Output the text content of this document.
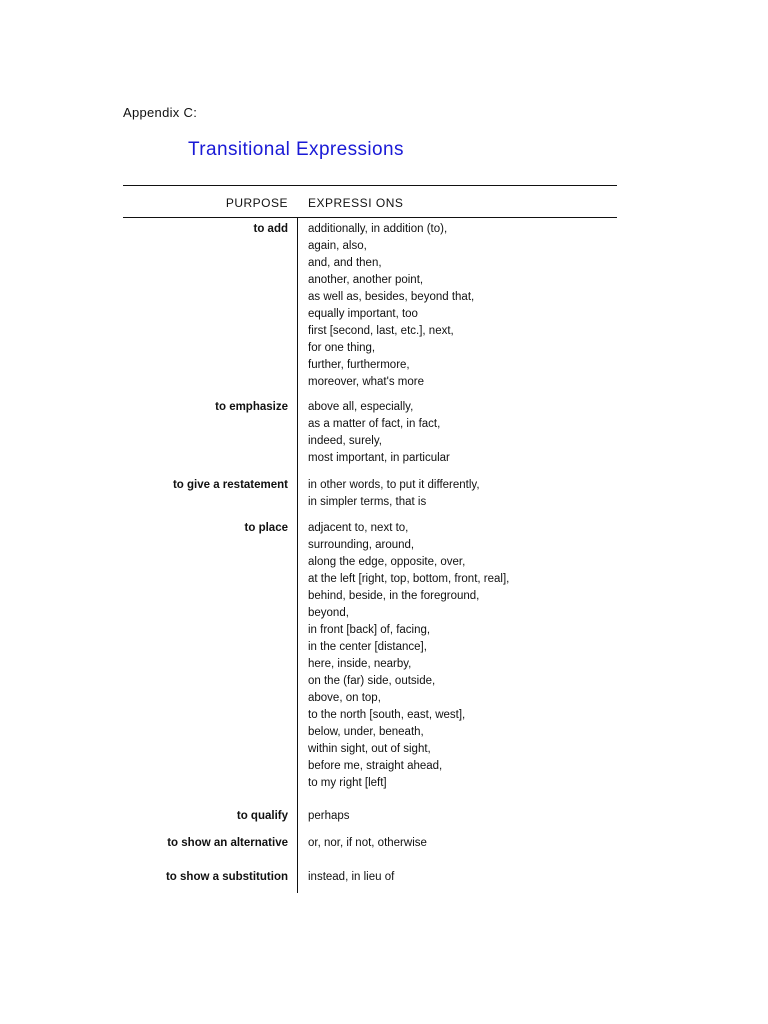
Appendix C:
Transitional Expressions
PURPOSE EXPRESSI ONS
to add additionally, in addition (to),
again, also,
and, and then,
another, another point,
as well as, besides, beyond that,
equally important, too
first [second, last, etc.], next,
for one thing,
further, furthermore,
moreover, what's more
to emphasize above all, especially,
as a matter of fact, in fact,
indeed, surely,
most important, in particular
to give a restatement in other words, to put it differently,
in simpler terms, that is
to place adjacent to, next to,
surrounding, around,
along the edge, opposite, over,
at the left [right, top, bottom, front, real],
behind, beside, in the foreground,
beyond,
in front [back] of, facing,
in the center [distance],
here, inside, nearby,
on the (far) side, outside,
above, on top,
to the north [south, east, west],
below, under, beneath,
within sight, out of sight,
before me, straight ahead,
to my right [left]
to qualify perhaps
to show an alternative or, nor, if not, otherwise
to show a substitution instead, in lieu of
